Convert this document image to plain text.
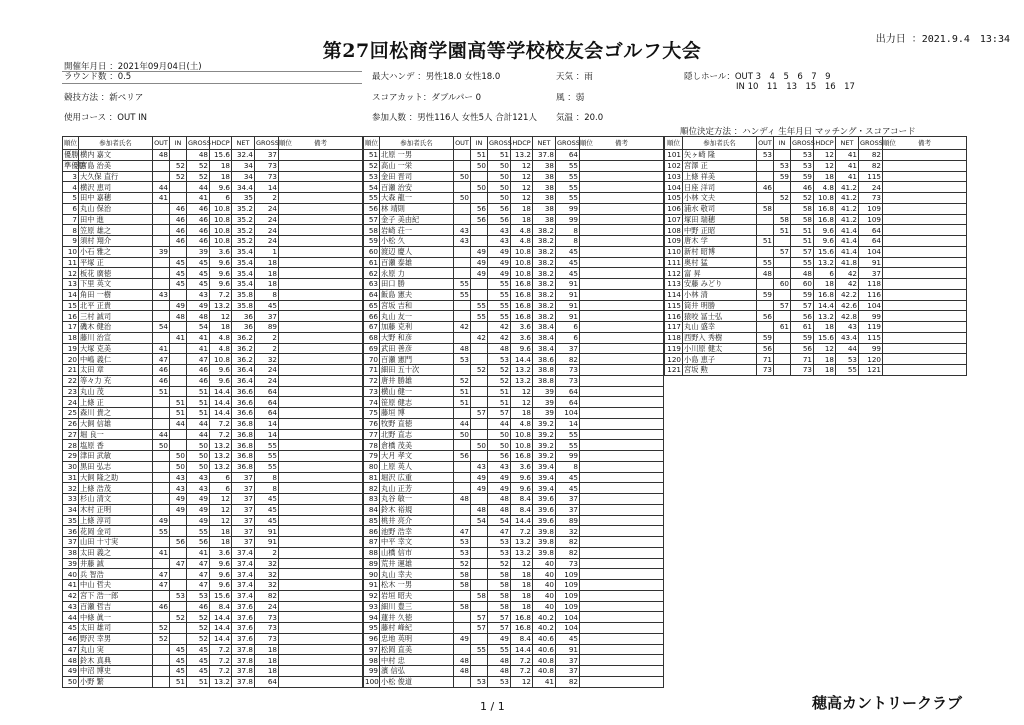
第27回松商学園高等学校校友会ゴルフ大会
出力日 ：2021.9.4　13:34
開催年月日 ：2021年09月04日(土)
ラウンド数 ：0.5
競技方法 ：新ペリア
使用コース ：OUT IN
最大ハンデ ：男性18.0 女性18.0
スコアカット：ダブルパー 0
参加人数 ：男性116人 女性5人 合計121人
天気 ：雨
風 ：弱
気温 ：20.0
隠しホール：OUT 3　4　5　6　7　9
IN 10　11　13　15　16　17
順位決定方法 ：ハンディ 生年月日 マッチング・スコアコード
順位	参加者氏名	OUT	IN	GROSS	HDCP	NET	GROSS順位	備考
優勝	横内 嘉文	48		48	15.6	32.4	37	
準優勝	宮島 治美		52	52	18	34	73	
3	大久保 直行		52	52	18	34	73	
4	横沢 恵司	44		44	9.6	34.4	14	
5	田中 嘉穂	41		41	6	35	2	
6	丸山 保治		46	46	10.8	35.2	24	
7	田中 進		46	46	10.8	35.2	24	
8	笠原 雄之		46	46	10.8	35.2	24	
9	須村 翔介		46	46	10.8	35.2	24	
10	小石 雅之	39		39	3.6	35.4	1	
11	平塚 正		45	45	9.6	35.4	18	
12	板花 廣徳		45	45	9.6	35.4	18	
13	下里 英文		45	45	9.6	35.4	18	
14	角田 一樹	43		43	7.2	35.8	8	
15	北平 正貴		49	49	13.2	35.8	45	
16	三村 誠司		48	48	12	36	37	
17	磯木 健治	54		54	18	36	89	
18	藤川 治宣		41	41	4.8	36.2	2	
19	大塚 克美	41		41	4.8	36.2	2	
20	中嶋 義仁	47		47	10.8	36.2	32	
21	太田 章	46		46	9.6	36.4	24	
22	等々力 充	46		46	9.6	36.4	24	
23	丸山 茂	51		51	14.4	36.6	64	
24	上條 正		51	51	14.4	36.6	64	
25	森川 貴之		51	51	14.4	36.6	64	
26	大飼 信雄		44	44	7.2	36.8	14	
27	堀 良一	44		44	7.2	36.8	14	
28	塩原 香	50		50	13.2	36.8	55	
29	津田 武敏		50	50	13.2	36.8	55	
30	黒田 弘志		50	50	13.2	36.8	55	
31	大飼 隆之助		43	43	6	37	8	
32	上條 浩茂		43	43	6	37	8	
33	杉山 清文		49	49	12	37	45	
34	木村 正明		49	49	12	37	45	
35	上條 淳司	49		49	12	37	45	
36	花岡 金司	55		55	18	37	91	
37	山田 十寸実		56	56	18	37	91	
38	太田 義之	41		41	3.6	37.4	2	
39	井藤 誠		47	47	9.6	37.4	32	
40	兵 智浩	47		47	9.6	37.4	32	
41	中山 哲夫	47		47	9.6	37.4	32	
42	宮下 浩一郎		53	53	15.6	37.4	82	
43	百瀬 哲吉	46		46	8.4	37.6	24	
44	中條 眞一		52	52	14.4	37.6	73	
45	太田 雄司	52		52	14.4	37.6	73	
46	野沢 幸男	52		52	14.4	37.6	73	
47	丸山 実		45	45	7.2	37.8	18	
48	鈴木 真典		45	45	7.2	37.8	18	
49	中沼 博史		45	45	7.2	37.8	18	
50	小野 繁		51	51	13.2	37.8	64	
順位	参加者氏名	OUT	IN	GROSS	HDCP	NET	GROSS順位	備考
51	北原 一男		51	51	13.2	37.8	64	
52	高山 一栄		50	50	12	38	55	
53	金田 晋司	50		50	12	38	55	
54	百瀬 治安		50	50	12	38	55	
55	大森 龍一	50		50	12	38	55	
56	林 靖則		56	56	18	38	99	
57	金子 美由紀		56	56	18	38	99	
58	岩崎 荘一	43		43	4.8	38.2	8	
59	小松 久	43		43	4.8	38.2	8	
60	渡辺 慶人		49	49	10.8	38.2	45	
61	百瀬 泰雄		49	49	10.8	38.2	45	
62	永原 力		49	49	10.8	38.2	45	
63	田口 勝	55		55	16.8	38.2	91	
64	飯島 憲夫	55		55	16.8	38.2	91	
65	宮坂 吉和		55	55	16.8	38.2	91	
66	丸山 友一		55	55	16.8	38.2	91	
67	加藤 克利	42		42	3.6	38.4	6	
68	大野 和彦		42	42	3.6	38.4	6	
69	武田 善彦	48		48	9.6	38.4	37	
70	百瀬 憲門	53		53	14.4	38.6	82	
71	細田 五十次		52	52	13.2	38.8	73	
72	唐井 勝雄	52		52	13.2	38.8	73	
73	横山 健一	51		51	12	39	64	
74	笹原 健志	51		51	12	39	64	
75	藤垣 博		57	57	18	39	104	
76	牧野 直徳	44		44	4.8	39.2	14	
77	北野 直志	50		50	10.8	39.2	55	
78	倉橋 茂美		50	50	10.8	39.2	55	
79	大月 孝文	56		56	16.8	39.2	99	
80	上原 英人		43	43	3.6	39.4	8	
81	堀沢 広重		49	49	9.6	39.4	45	
82	丸山 正芳		49	49	9.6	39.4	45	
83	丸谷 敏一	48		48	8.4	39.6	37	
84	鈴木 裕規		48	48	8.4	39.6	37	
85	桃井 亮介		54	54	14.4	39.6	89	
86	池野 浩幸	47		47	7.2	39.8	32	
87	中平 幸文	53		53	13.2	39.8	82	
88	山橋 信市	53		53	13.2	39.8	82	
89	荒井 運雄	52		52	12	40	73	
90	丸山 幸夫	58		58	18	40	109	
91	松木 一男	58		58	18	40	109	
92	岩垣 昭夫		58	58	18	40	109	
93	細川 豊三	58		58	18	40	109	
94	蓮井 久徳		57	57	16.8	40.2	104	
95	藤村 峰紀		57	57	16.8	40.2	104	
96	忠地 英明	49		49	8.4	40.6	45	
97	松岡 直美		55	55	14.4	40.6	91	
98	中村 忠	48		48	7.2	40.8	37	
99	濱 信弘	48		48	7.2	40.8	37	
100	小松 俊道		53	53	12	41	82	
順位	参加者氏名	OUT	IN	GROSS	HDCP	NET	GROSS順位	備考
101	矢ヶ崎 隆	53		53	12	41	82	
102	宮澤 正		53	53	12	41	82	
103	上條 祥美		59	59	18	41	115	
104	日座 洋司	46		46	4.8	41.2	24	
105	小林 文夫		52	52	10.8	41.2	73	
106	浦水 敬司	58		58	16.8	41.2	109	
107	塚田 瑞穂		58	58	16.8	41.2	109	
108	中野 正昭		51	51	9.6	41.4	64	
109	唐木 学	51		51	9.6	41.4	64	
110	新村 昭博		57	57	15.6	41.4	104	
111	奥村 猛	55		55	13.2	41.8	91	
112	富 昇	48		48	6	42	37	
113	安藤 みどり		60	60	18	42	118	
114	小林 清	59		59	16.8	42.2	116	
115	筒井 明勝		57	57	14.4	42.6	104	
116	猿咬 冨士弘	56		56	13.2	42.8	99	
117	丸山 盛幸		61	61	18	43	119	
118	西野入 秀樹	59		59	15.6	43.4	115	
119	小川原 健太	56		56	12	44	99	
120	小島 恵子	71		71	18	53	120	
121	宮坂 勲	73		73	18	55	121	
1 / 1	穂高カントリークラブ
